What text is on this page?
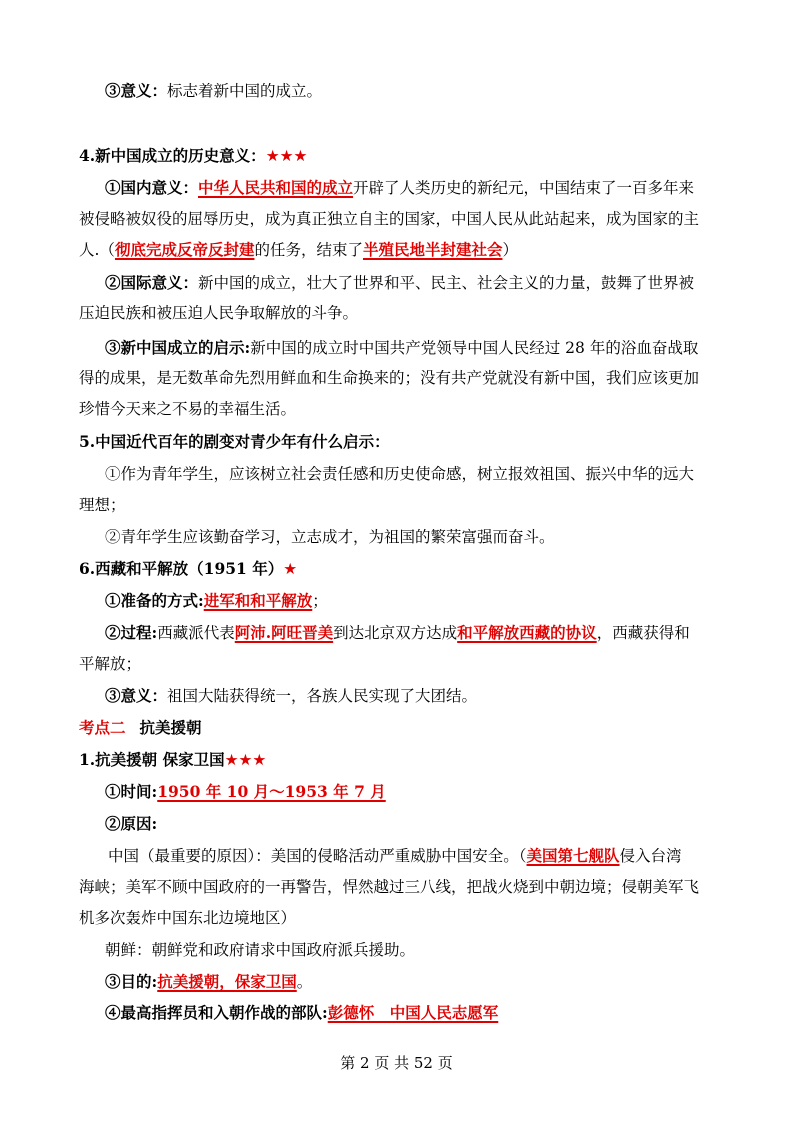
③意义：标志着新中国的成立。
4.新中国成立的历史意义：★★★
①国内意义：中华人民共和国的成立开辟了人类历史的新纪元，中国结束了一百多年来
被侵略被奴役的屈辱历史，成为真正独立自主的国家，中国人民从此站起来，成为国家的主
人.（彻底完成反帝反封建的任务，结束了半殖民地半封建社会）
②国际意义：新中国的成立，壮大了世界和平、民主、社会主义的力量，鼓舞了世界被
压迫民族和被压迫人民争取解放的斗争。
③新中国成立的启示:新中国的成立时中国共产党领导中国人民经过 28 年的浴血奋战取
得的成果，是无数革命先烈用鲜血和生命换来的；没有共产党就没有新中国，我们应该更加
珍惜今天来之不易的幸福生活。
5.中国近代百年的剧变对青少年有什么启示：
①作为青年学生，应该树立社会责任感和历史使命感，树立报效祖国、振兴中华的远大
理想；
②青年学生应该勤奋学习，立志成才，为祖国的繁荣富强而奋斗。
6.西藏和平解放（1951 年）★
①准备的方式:进军和和平解放；
②过程:西藏派代表阿沛.阿旺晋美到达北京双方达成和平解放西藏的协议，西藏获得和
平解放；
③意义：祖国大陆获得统一，各族人民实现了大团结。
考点二 抗美援朝
1.抗美援朝 保家卫国★★★
①时间:1950 年 10 月～1953 年 7 月
②原因:
中国（最重要的原因）：美国的侵略活动严重威胁中国安全。（美国第七舰队侵入台湾
海峡；美军不顾中国政府的一再警告，悍然越过三八线，把战火烧到中朝边境；侵朝美军飞
机多次轰炸中国东北边境地区）
朝鲜：朝鲜党和政府请求中国政府派兵援助。
③目的:抗美援朝，保家卫国。
④最高指挥员和入朝作战的部队:彭德怀　中国人民志愿军
第 2 页 共 52 页
